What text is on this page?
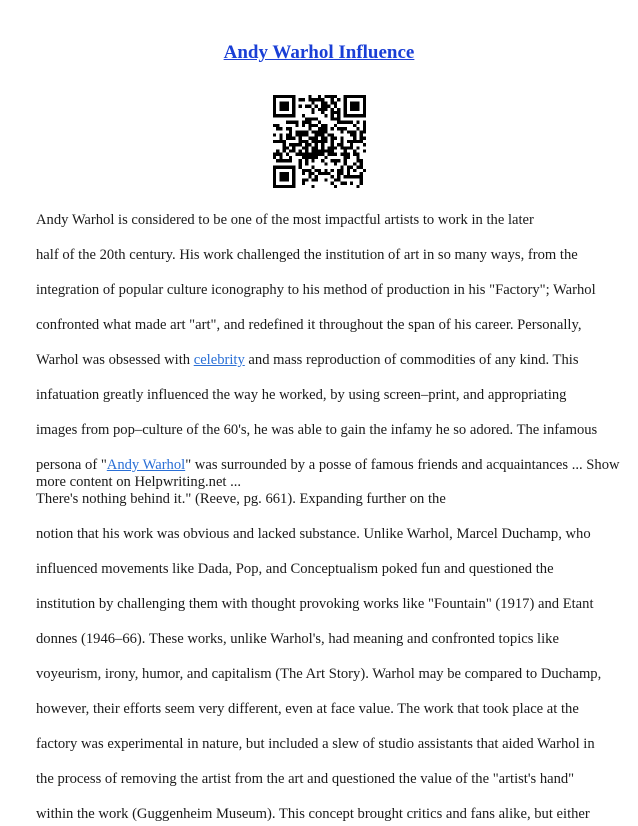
Andy Warhol Influence
Andy Warhol is considered to be one of the most impactful artists to work in the later
half of the 20th century. His work challenged the institution of art in so many ways, from the
integration of popular culture iconography to his method of production in his "Factory"; Warhol
confronted what made art "art", and redefined it throughout the span of his career. Personally,
Warhol was obsessed with celebrity and mass reproduction of commodities of any kind. This
infatuation greatly influenced the way he worked, by using screen–print, and appropriating
images from pop–culture of the 60's, he was able to gain the infamy he so adored. The infamous
persona of "Andy Warhol" was surrounded by a posse of famous friends and acquaintances ... Show
more content on Helpwriting.net ...
There's nothing behind it." (Reeve, pg. 661). Expanding further on the
notion that his work was obvious and lacked substance. Unlike Warhol, Marcel Duchamp, who
influenced movements like Dada, Pop, and Conceptualism poked fun and questioned the
institution by challenging them with thought provoking works like "Fountain" (1917) and Etant
donnes (1946–66). These works, unlike Warhol's, had meaning and confronted topics like
voyeurism, irony, humor, and capitalism (The Art Story). Warhol may be compared to Duchamp,
however, their efforts seem very different, even at face value. The work that took place at the
factory was experimental in nature, but included a slew of studio assistants that aided Warhol in
the process of removing the artist from the art and questioned the value of the "artist's hand"
within the work (Guggenheim Museum). This concept brought critics and fans alike, but either
